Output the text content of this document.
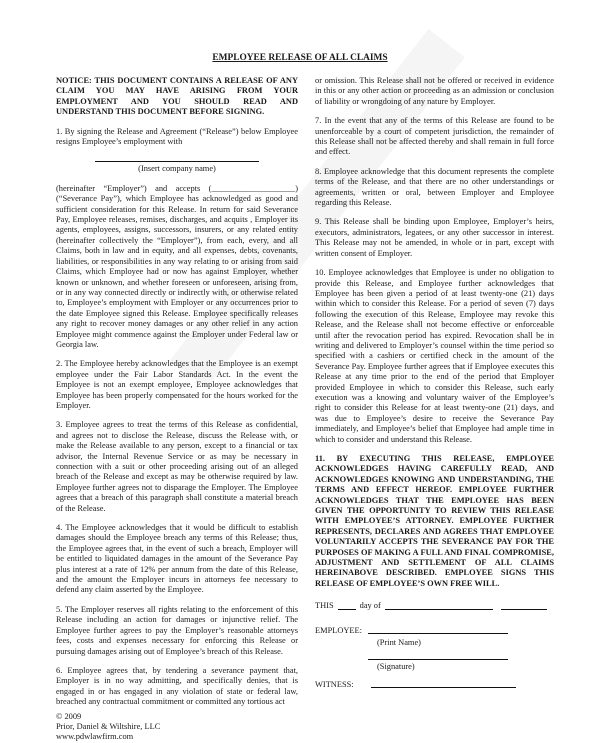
EMPLOYEE RELEASE OF ALL CLAIMS

NOTICE: THIS DOCUMENT CONTAINS A RELEASE OF ANY CLAIM YOU MAY HAVE ARISING FROM YOUR EMPLOYMENT AND YOU SHOULD READ AND UNDERSTAND THIS DOCUMENT BEFORE SIGNING.

1. By signing the Release and Agreement (“Release”) below Employee resigns Employee’s employment with

(Insert company name)

(hereinafter “Employer”) and accepts (____________________) (“Severance Pay”), which Employee has acknowledged as good and sufficient consideration for this Release. In return for said Severance Pay, Employee releases, remises, discharges, and acquits , Employer its agents, employees, assigns, successors, insurers, or any related entity (hereinafter collectively the “Employer”), from each, every, and all Claims, both in law and in equity, and all expenses, debts, covenants, liabilities, or responsibilities in any way relating to or arising from said Claims, which Employee had or now has against Employer, whether known or unknown, and whether foreseen or unforeseen, arising from, or in any way connected directly or indirectly with, or otherwise related to, Employee’s employment with Employer or any occurrences prior to the date Employee signed this Release. Employee specifically releases any right to recover money damages or any other relief in any action Employee might commence against the Employer under Federal law or Georgia law.

2. The Employee hereby acknowledges that the Employee is an exempt employee under the Fair Labor Standards Act. In the event the Employee is not an exempt employee, Employee acknowledges that Employee has been properly compensated for the hours worked for the Employer.

3. Employee agrees to treat the terms of this Release as confidential, and agrees not to disclose the Release, discuss the Release with, or make the Release available to any person, except to a financial or tax advisor, the Internal Revenue Service or as may be necessary in connection with a suit or other proceeding arising out of an alleged breach of the Release and except as may be otherwise required by law. Employee further agrees not to disparage the Employer. The Employee agrees that a breach of this paragraph shall constitute a material breach of the Release.

4. The Employee acknowledges that it would be difficult to establish damages should the Employee breach any terms of this Release; thus, the Employee agrees that, in the event of such a breach, Employer will be entitled to liquidated damages in the amount of the Severance Pay plus interest at a rate of 12% per annum from the date of this Release, and the amount the Employer incurs in attorneys fee necessary to defend any claim asserted by the Employee.

5. The Employer reserves all rights relating to the enforcement of this Release including an action for damages or injunctive relief. The Employee further agrees to pay the Employer’s reasonable attorneys fees, costs and expenses necessary for enforcing this Release or pursuing damages arising out of Employee’s breach of this Release.

6. Employee agrees that, by tendering a severance payment that, Employer is in no way admitting, and specifically denies, that is engaged in or has engaged in any violation of state or federal law, breached any contractual commitment or committed any tortious act

© 2009
Prior, Daniel & Wiltshire, LLC
www.pdwlawfirm.com

or omission. This Release shall not be offered or received in evidence in this or any other action or proceeding as an admission or conclusion of liability or wrongdoing of any nature by Employer.

7. In the event that any of the terms of this Release are found to be unenforceable by a court of competent jurisdiction, the remainder of this Release shall not be affected thereby and shall remain in full force and effect.

8. Employee acknowledge that this document represents the complete terms of the Release, and that there are no other understandings or agreements, written or oral, between Employer and Employee regarding this Release.

9. This Release shall be binding upon Employee, Employer’s heirs, executors, administrators, legatees, or any other successor in interest. This Release may not be amended, in whole or in part, except with written consent of Employer.

10. Employee acknowledges that Employee is under no obligation to provide this Release, and Employee further acknowledges that Employee has been given a period of at least twenty-one (21) days within which to consider this Release. For a period of seven (7) days following the execution of this Release, Employee may revoke this Release, and the Release shall not become effective or enforceable until after the revocation period has expired. Revocation shall be in writing and delivered to Employer’s counsel within the time period so specified with a cashiers or certified check in the amount of the Severance Pay. Employee further agrees that if Employee executes this Release at any time prior to the end of the period that Employer provided Employee in which to consider this Release, such early execution was a knowing and voluntary waiver of the Employee’s right to consider this Release for at least twenty-one (21) days, and was due to Employee’s desire to receive the Severance Pay immediately, and Employee’s belief that Employee had ample time in which to consider and understand this Release.

11. BY EXECUTING THIS RELEASE, EMPLOYEE ACKNOWLEDGES HAVING CAREFULLY READ, AND ACKNOWLEDGES KNOWING AND UNDERSTANDING, THE TERMS AND EFFECT HEREOF. EMPLOYEE FURTHER ACKNOWLEDGES THAT THE EMPLOYEE HAS BEEN GIVEN THE OPPORTUNITY TO REVIEW THIS RELEASE WITH EMPLOYEE’S ATTORNEY. EMPLOYEE FURTHER REPRESENTS, DECLARES AND AGREES THAT EMPLOYEE VOLUNTARILY ACCEPTS THE SEVERANCE PAY FOR THE PURPOSES OF MAKING A FULL AND FINAL COMPROMISE, ADJUSTMENT AND SETTLEMENT OF ALL CLAIMS HEREINABOVE DESCRIBED. EMPLOYEE SIGNS THIS RELEASE OF EMPLOYEE’S OWN FREE WILL.

THIS	day of
EMPLOYEE:
(Print Name)
(Signature)
WITNESS:
